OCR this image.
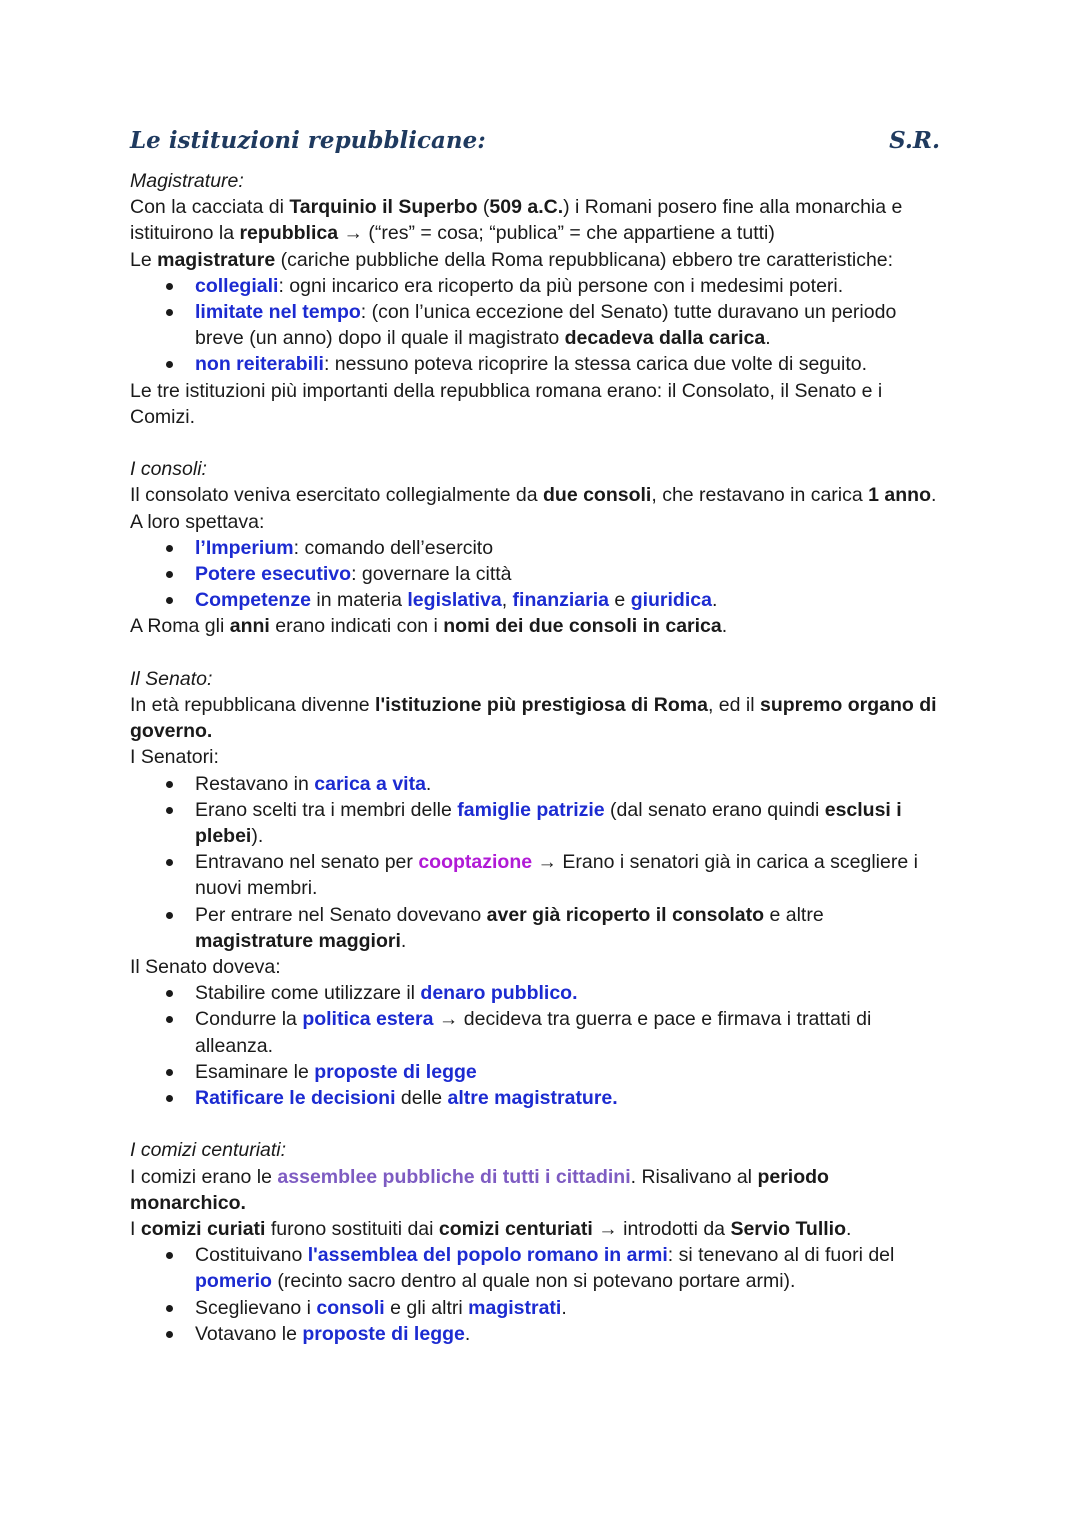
Le istituzioni repubblicane:	S.R.

Magistrature:

Con la cacciata di Tarquinio il Superbo (509 a.C.) i Romani posero fine alla monarchia e istituirono la repubblica → (“res” = cosa; “publica” = che appartiene a tutti)

Le magistrature (cariche pubbliche della Roma repubblicana) ebbero tre caratteristiche:

collegiali: ogni incarico era ricoperto da più persone con i medesimi poteri.
limitate nel tempo: (con l’unica eccezione del Senato) tutte duravano un periodo breve (un anno) dopo il quale il magistrato decadeva dalla carica.
non reiterabili: nessuno poteva ricoprire la stessa carica due volte di seguito.

Le tre istituzioni più importanti della repubblica romana erano: il Consolato, il Senato e i Comizi.

I consoli:

Il consolato veniva esercitato collegialmente da due consoli, che restavano in carica 1 anno.

A loro spettava:

l’Imperium: comando dell’esercito
Potere esecutivo: governare la città
Competenze in materia legislativa, finanziaria e giuridica.

A Roma gli anni erano indicati con i nomi dei due consoli in carica.

Il Senato:

In età repubblicana divenne l'istituzione più prestigiosa di Roma, ed il supremo organo di governo.

I Senatori:

Restavano in carica a vita.
Erano scelti tra i membri delle famiglie patrizie (dal senato erano quindi esclusi i plebei).
Entravano nel senato per cooptazione → Erano i senatori già in carica a scegliere i nuovi membri.
Per entrare nel Senato dovevano aver già ricoperto il consolato e altre magistrature maggiori.

Il Senato doveva:

Stabilire come utilizzare il denaro pubblico.
Condurre la politica estera → decideva tra guerra e pace e firmava i trattati di alleanza.
Esaminare le proposte di legge
Ratificare le decisioni delle altre magistrature.

I comizi centuriati:

I comizi erano le assemblee pubbliche di tutti i cittadini. Risalivano al periodo monarchico.

I comizi curiati furono sostituiti dai comizi centuriati → introdotti da Servio Tullio.

Costituivano l'assemblea del popolo romano in armi: si tenevano al di fuori del pomerio (recinto sacro dentro al quale non si potevano portare armi).
Sceglievano i consoli e gli altri magistrati.
Votavano le proposte di legge.
